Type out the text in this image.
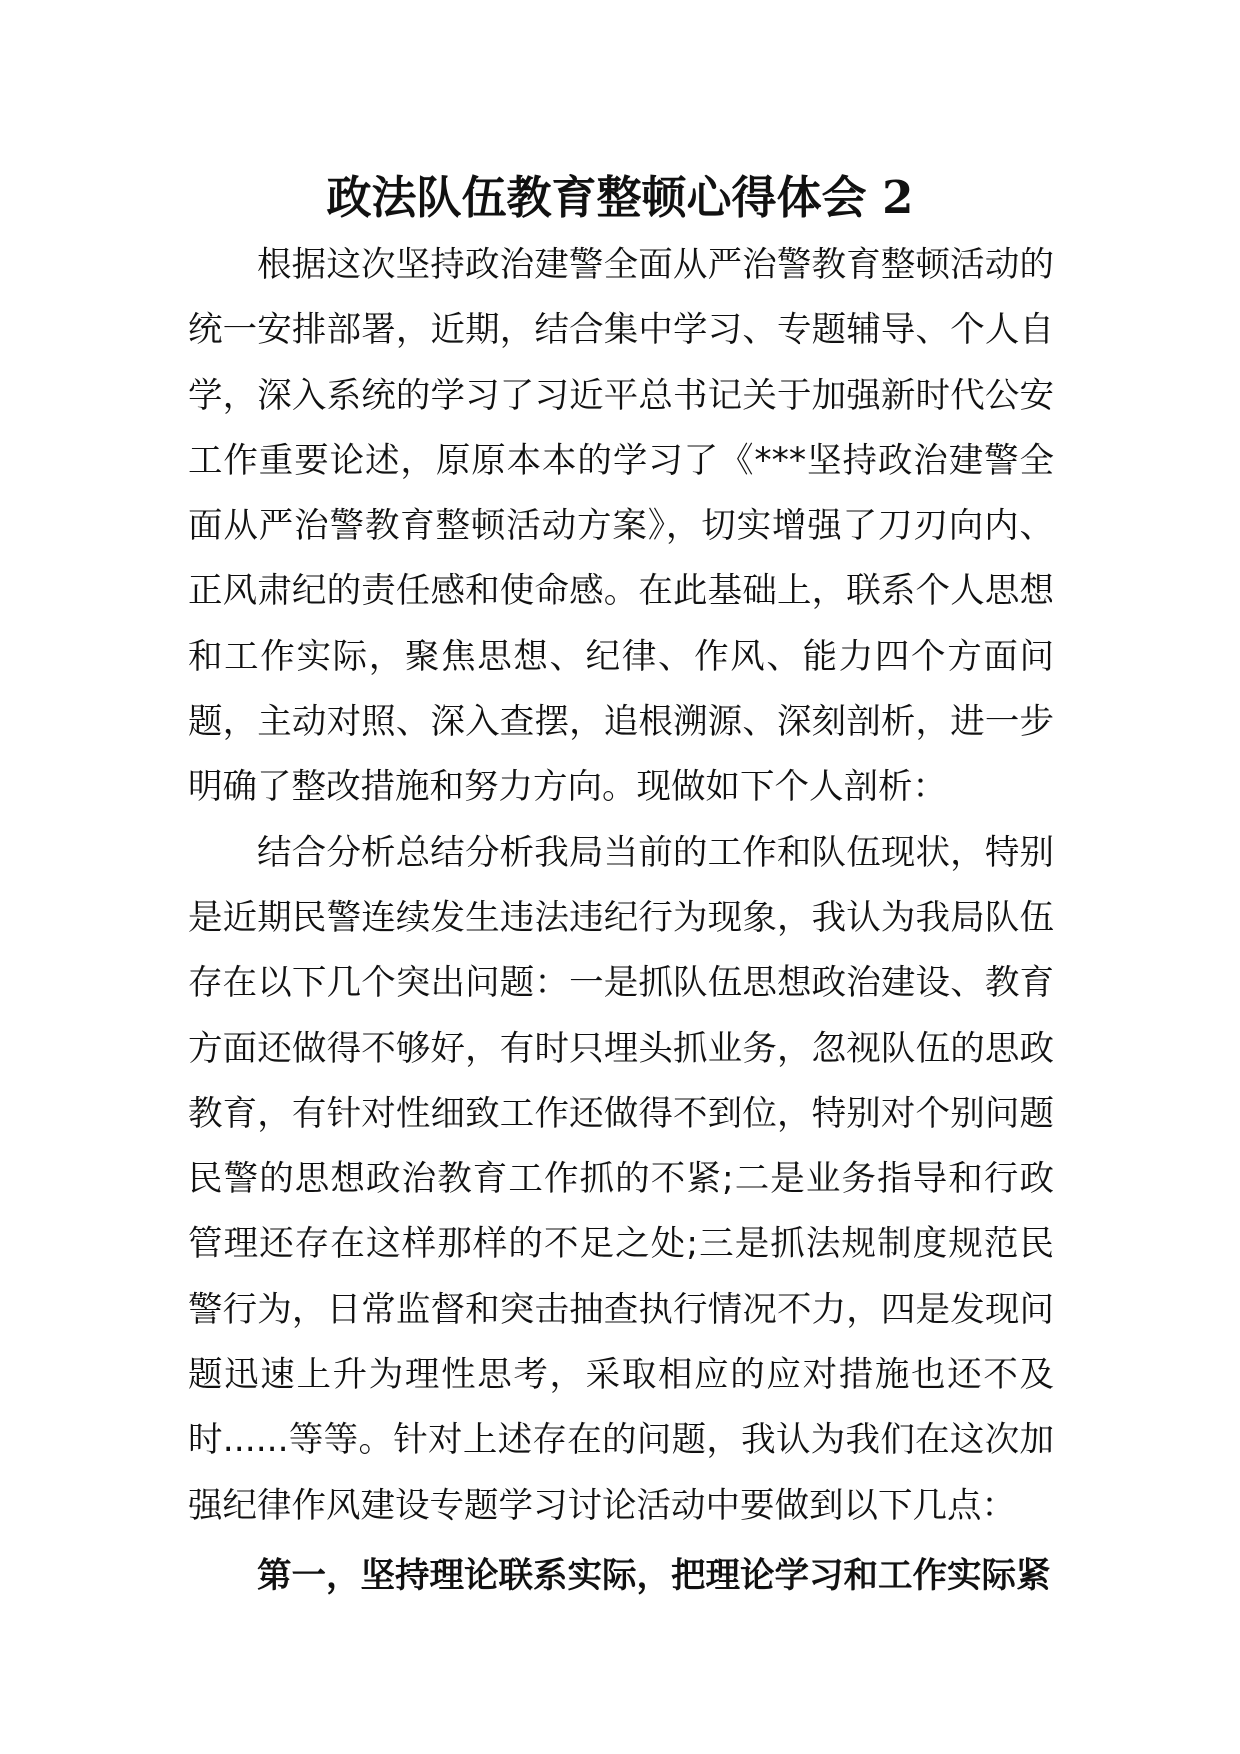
政法队伍教育整顿心得体会 2

根据这次坚持政治建警全面从严治警教育整顿活动的统一安排部署，近期，结合集中学习、专题辅导、个人自学，深入系统的学习了习近平总书记关于加强新时代公安工作重要论述，原原本本的学习了《***坚持政治建警全面从严治警教育整顿活动方案》，切实增强了刀刃向内、正风肃纪的责任感和使命感。在此基础上，联系个人思想和工作实际，聚焦思想、纪律、作风、能力四个方面问题，主动对照、深入查摆，追根溯源、深刻剖析，进一步明确了整改措施和努力方向。现做如下个人剖析：

结合分析总结分析我局当前的工作和队伍现状，特别是近期民警连续发生违法违纪行为现象，我认为我局队伍存在以下几个突出问题：一是抓队伍思想政治建设、教育方面还做得不够好，有时只埋头抓业务，忽视队伍的思政教育，有针对性细致工作还做得不到位，特别对个别问题民警的思想政治教育工作抓的不紧;二是业务指导和行政管理还存在这样那样的不足之处;三是抓法规制度规范民警行为，日常监督和突击抽查执行情况不力，四是发现问题迅速上升为理性思考，采取相应的应对措施也还不及时......等等。针对上述存在的问题，我认为我们在这次加强纪律作风建设专题学习讨论活动中要做到以下几点：

第一，坚持理论联系实际，把理论学习和工作实际紧
